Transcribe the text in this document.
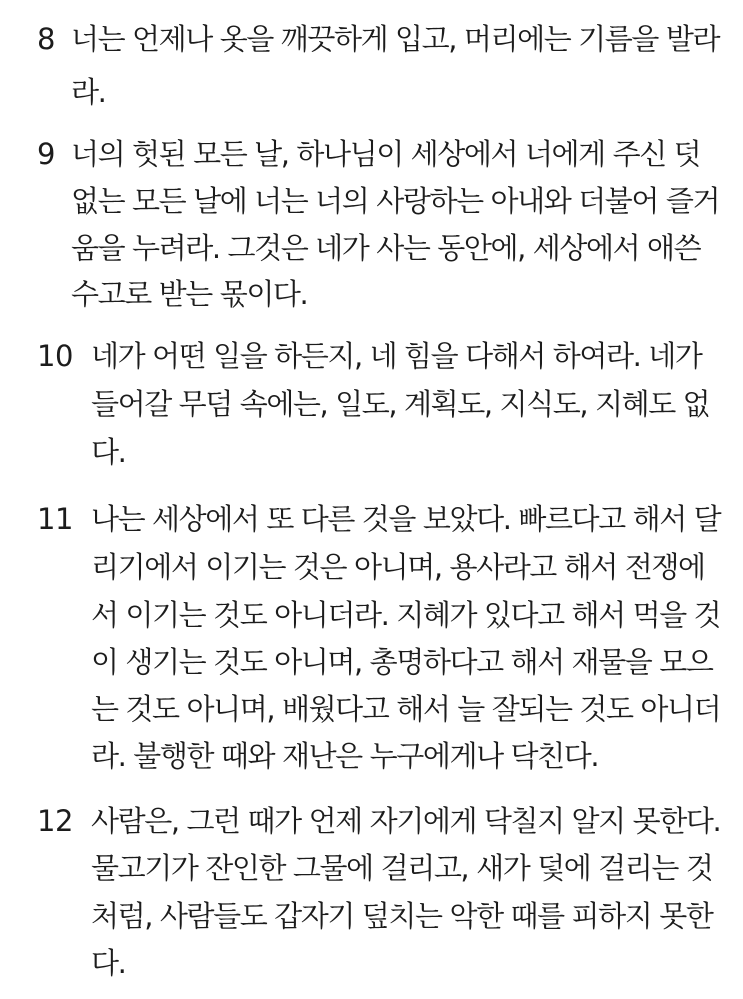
8 너는 언제나 옷을 깨끗하게 입고, 머리에는 기름을 발라
라.
9 너의 헛된 모든 날, 하나님이 세상에서 너에게 주신 덧
없는 모든 날에 너는 너의 사랑하는 아내와 더불어 즐거
움을 누려라. 그것은 네가 사는 동안에, 세상에서 애쓴
수고로 받는 몫이다.
10 네가 어떤 일을 하든지, 네 힘을 다해서 하여라. 네가
들어갈 무덤 속에는, 일도, 계획도, 지식도, 지혜도 없
다.
11 나는 세상에서 또 다른 것을 보았다. 빠르다고 해서 달
리기에서 이기는 것은 아니며, 용사라고 해서 전쟁에
서 이기는 것도 아니더라. 지혜가 있다고 해서 먹을 것
이 생기는 것도 아니며, 총명하다고 해서 재물을 모으
는 것도 아니며, 배웠다고 해서 늘 잘되는 것도 아니더
라. 불행한 때와 재난은 누구에게나 닥친다.
12 사람은, 그런 때가 언제 자기에게 닥칠지 알지 못한다.
물고기가 잔인한 그물에 걸리고, 새가 덫에 걸리는 것
처럼, 사람들도 갑자기 덮치는 악한 때를 피하지 못한
다.
